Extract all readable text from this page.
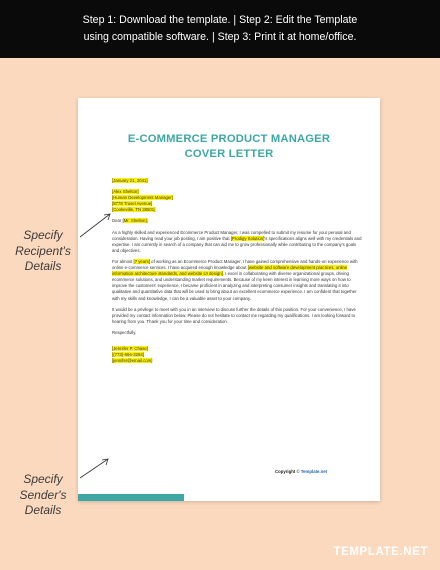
Step 1: Download the template. | Step 2: Edit the Template
using compatible software. | Step 3: Print it at home/office.
E-COMMERCE PRODUCT MANAGER
COVER LETTER

[January 21, 2041]

[Alex Shelton]

[Human Development Manager]

[8778 Trusel Avenue]

[Cookeville, TN 38501]

Dear [Mr. Shelton],

As a highly skilled and experienced Ecommerce Product Manager, I was compelled to submit my resume for your perusal and consideration. Having read your job posting, I am positive that [Prodigy Solution]'s specifications aligns well with my credentials and expertise. I am currently in search of a company that can aid me to grow professionally while contributing to the company's goals and objectives.

For almost [7 years] of working as an Ecommerce Product Manager, I have gained comprehensive and hands-on experience with online e-commerce services. I have acquired enough knowledge about [website and software development practices, online information architecture standards, and website UI design]. I excel in collaborating with diverse organizational groups, driving ecommerce solutions, and understanding market requirements. Because of my keen interest in learning more ways on how to improve the customers' experience, I became proficient in analyzing and interpreting consumer insights and translating it into qualitative and quantitative data that will be used to bring about an excellent ecommerce experience. I am confident that together with my skills and knowledge, I can be a valuable asset to your company.

It would be a privilege to meet with you in an interview to discuss further the details of this position. For your convenience, I have provided my contact information below. Please do not hesitate to contact me regarding my qualifications. I am looking forward to hearing from you. Thank you for your time and consideration.

Respectfully,

[Jennifer P. Chase]

[(773)-694-3294]

[jennifer@email.com]

Copyright © Template.net
Specify
Recipent's
Details
Specify
Sender's
Details
TEMPLATE.NET
